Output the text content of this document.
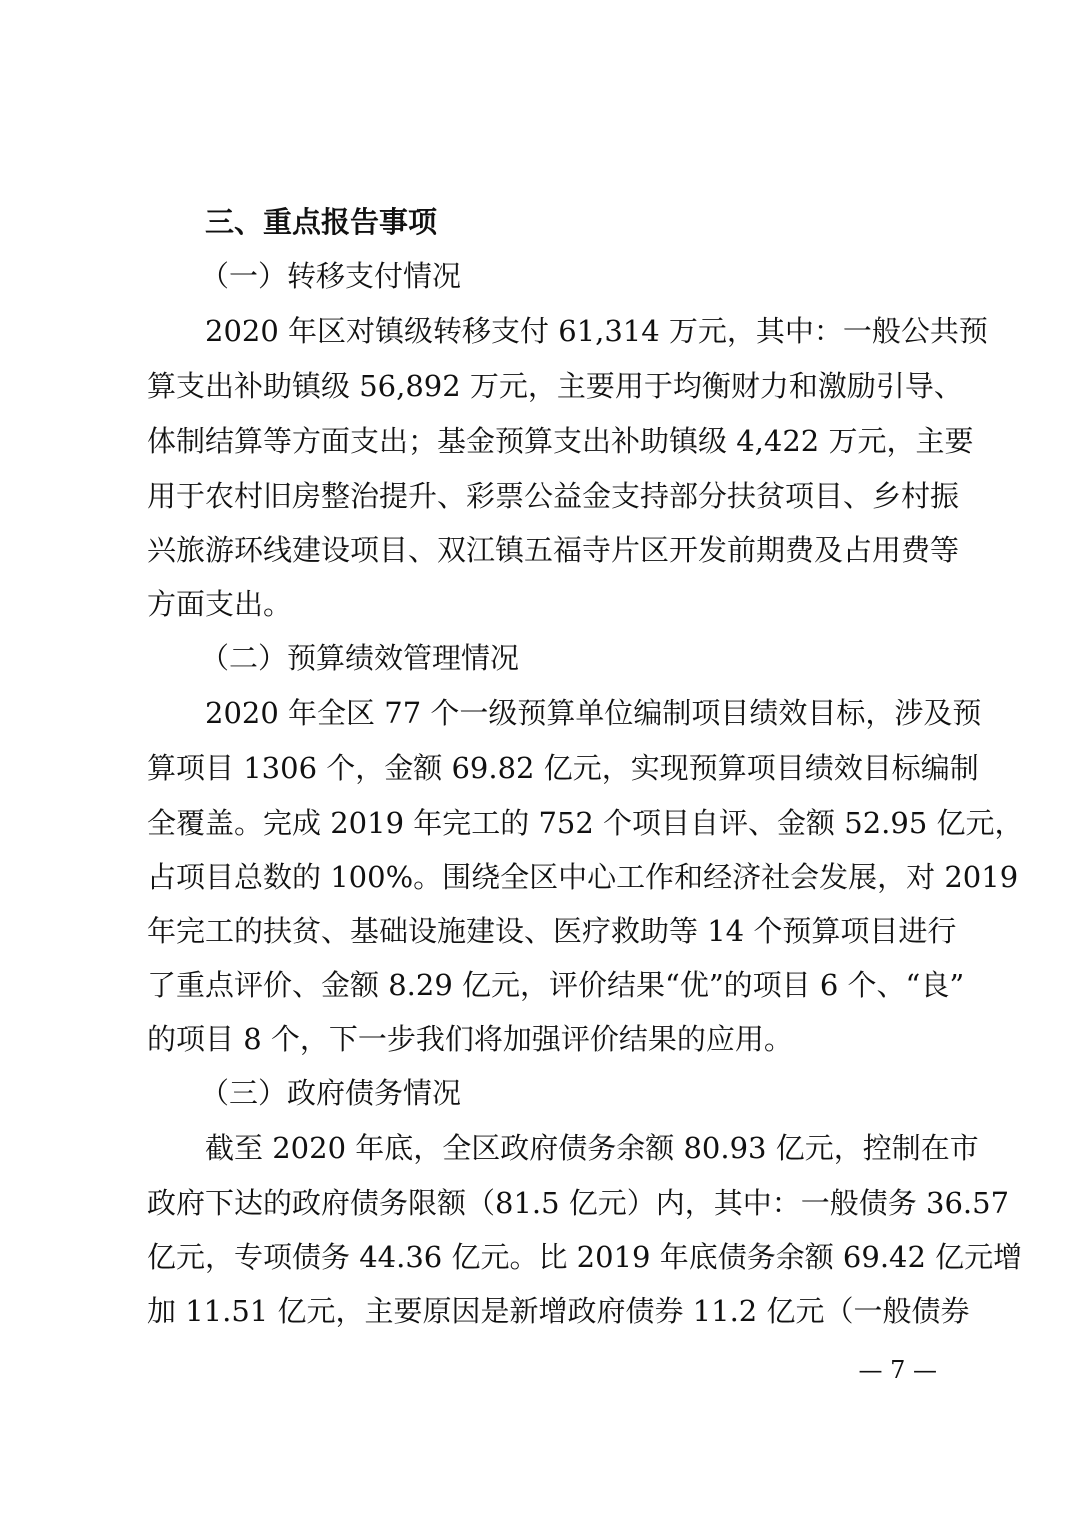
三、重点报告事项
（一）转移支付情况
2020 年区对镇级转移支付 61,314 万元，其中：一般公共预
算支出补助镇级 56,892 万元，主要用于均衡财力和激励引导、
体制结算等方面支出；基金预算支出补助镇级 4,422 万元，主要
用于农村旧房整治提升、彩票公益金支持部分扶贫项目、乡村振
兴旅游环线建设项目、双江镇五福寺片区开发前期费及占用费等
方面支出。
（二）预算绩效管理情况
2020 年全区 77 个一级预算单位编制项目绩效目标，涉及预
算项目 1306 个，金额 69.82 亿元，实现预算项目绩效目标编制
全覆盖。完成 2019 年完工的 752 个项目自评、金额 52.95 亿元，
占项目总数的 100%。围绕全区中心工作和经济社会发展，对 2019
年完工的扶贫、基础设施建设、医疗救助等 14 个预算项目进行
了重点评价、金额 8.29 亿元，评价结果“优”的项目 6 个、“良”
的项目 8 个，下一步我们将加强评价结果的应用。
（三）政府债务情况
截至 2020 年底，全区政府债务余额 80.93 亿元，控制在市
政府下达的政府债务限额（81.5 亿元）内，其中：一般债务 36.57
亿元，专项债务 44.36 亿元。比 2019 年底债务余额 69.42 亿元增
加 11.51 亿元，主要原因是新增政府债券 11.2 亿元（一般债券
— 7 —
